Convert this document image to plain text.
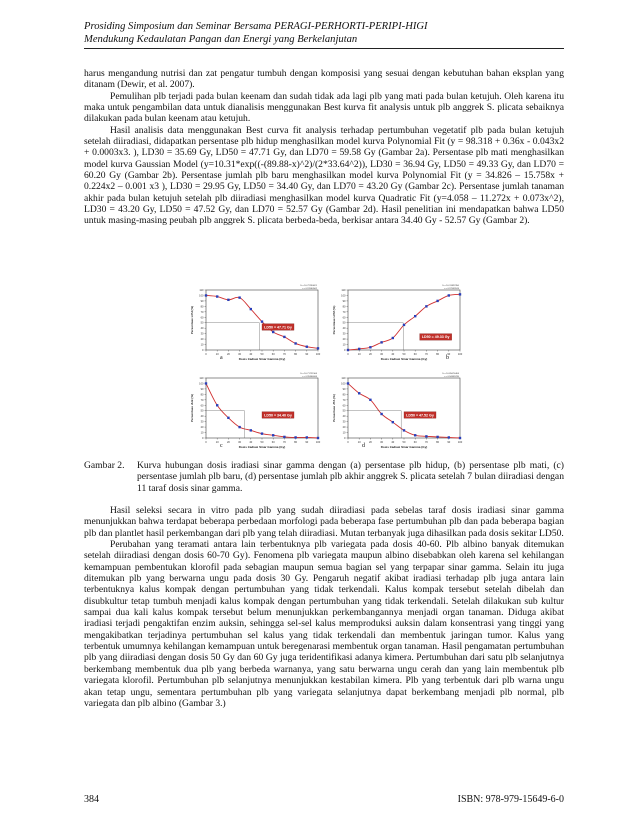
Prosiding Simposium dan Seminar Bersama PERAGI-PERHORTI-PERIPI-HIGI
Mendukung Kedaulatan Pangan dan Energi yang Berkelanjutan

harus mengandung nutrisi dan zat pengatur tumbuh dengan komposisi yang sesuai dengan kebutuhan bahan eksplan yang ditanam (Dewir, et al. 2007).

Pemulihan plb terjadi pada bulan keenam dan sudah tidak ada lagi plb yang mati pada bulan ketujuh. Oleh karena itu maka untuk pengambilan data untuk dianalisis menggunakan Best kurva fit analysis untuk plb anggrek S. plicata sebaiknya dilakukan pada bulan keenam atau ketujuh.

Hasil analisis data menggunakan Best curva fit analysis terhadap pertumbuhan vegetatif plb pada bulan ketujuh setelah diiradiasi, didapatkan persentase plb hidup menghasilkan model kurva Polynomial Fit (y = 98.318 + 0.36x - 0.043x2 + 0.0003x3. ), LD30 = 35.69 Gy, LD50 = 47.71 Gy, dan LD70 = 59.58 Gy (Gambar 2a). Persentase plb mati menghasilkan model kurva Gaussian Model (y=10.31*exp((-(89.88-x)^2)/(2*33.64^2)), LD30 = 36.94 Gy, LD50 = 49.33 Gy, dan LD70 = 60.20 Gy (Gambar 2b). Persentase jumlah plb baru menghasilkan model kurva Polynomial Fit (y = 34.826 – 15.758x + 0.224x2 – 0.001 x3 ), LD30 = 29.95 Gy, LD50 = 34.40 Gy, dan LD70 = 43.20 Gy (Gambar 2c). Persentase jumlah tanaman akhir pada bulan ketujuh setelah plb diiradiasi menghasilkan model kurva Quadratic Fit (y=4.058 – 11.272x + 0.073x^2), LD30 = 43.20 Gy, LD50 = 47.52 Gy, dan LD70 = 52.57 Gy (Gambar 2d). Hasil penelitian ini mendapatkan bahwa LD50 untuk masing-masing peubah plb anggrek S. plicata berbeda-beda, berkisar antara 34.40 Gy - 52.57 Gy (Gambar 2).

0	10	20	30	40	50	60	70	80	90	100
0
10
20
30
40
50
60
70
80
90
100
110
LD50 = 47.71 Gy
S = 10.72230621
r = 0.97060502
Dosis Iradiasi Sinar Gamma (Gy)
Persentase LPH (%)
a
0	10	20	30	40	50	60	70	80	90	100
0
10
20
30
40
50
60
70
80
90
100
110
LD50 = 49.33 Gy
S = 10.31822350
r = 0.97559524
Dosis Iradiasi Sinar Gamma (Gy)
Persentase LPM (%)
b
0	10	20	30	40	50	60	70	80	90	100
0
10
20
30
40
50
60
70
80
90
100
110
LD50 = 34.40 Gy
S = 10.71721564
r = 0.95364664
Dosis Iradiasi Sinar Gamma (Gy)
Persentase JLB (%)
c
0	10	20	30	40	50	60	70	80	90	100
0
10
20
30
40
50
60
70
80
90
100
110
LD50 = 47.52 Gy
S = 10.85074464
r = 0.94455295
Dosis Iradiasi Sinar Gamma (Gy)
Persentase JTA (%)
d
Gambar 2.	Kurva hubungan dosis iradiasi sinar gamma dengan (a) persentase plb hidup, (b) persentase plb mati, (c) persentase jumlah plb baru, (d) persentase jumlah plb akhir anggrek S. plicata setelah 7 bulan diiradiasi dengan 11 taraf dosis sinar gamma.

Hasil seleksi secara in vitro pada plb yang sudah diiradiasi pada sebelas taraf dosis iradiasi sinar gamma menunjukkan bahwa terdapat beberapa perbedaan morfologi pada beberapa fase pertumbuhan plb dan pada beberapa bagian plb dan plantlet hasil perkembangan dari plb yang telah diiradiasi. Mutan terbanyak juga dihasilkan pada dosis sekitar LD50.

Perubahan yang teramati antara lain terbentuknya plb variegata pada dosis 40-60. Plb albino banyak ditemukan setelah diiradiasi dengan dosis 60-70 Gy). Fenomena plb variegata maupun albino disebabkan oleh karena sel kehilangan kemampuan pembentukan klorofil pada sebagian maupun semua bagian sel yang terpapar sinar gamma. Selain itu juga ditemukan plb yang berwarna ungu pada dosis 30 Gy. Pengaruh negatif akibat iradiasi terhadap plb juga antara lain terbentuknya kalus kompak dengan pertumbuhan yang tidak terkendali. Kalus kompak tersebut setelah dibelah dan disubkultur tetap tumbuh menjadi kalus kompak dengan pertumbuhan yang tidak terkendali. Setelah dilakukan sub kultur sampai dua kali kalus kompak tersebut belum menunjukkan perkembangannya menjadi organ tanaman. Diduga akibat iradiasi terjadi pengaktifan enzim auksin, sehingga sel-sel kalus memproduksi auksin dalam konsentrasi yang tinggi yang mengakibatkan terjadinya pertumbuhan sel kalus yang tidak terkendali dan membentuk jaringan tumor. Kalus yang terbentuk umumnya kehilangan kemampuan untuk beregenarasi membentuk organ tanaman. Hasil pengamatan pertumbuhan plb yang diiradiasi dengan dosis 50 Gy dan 60 Gy juga teridentifikasi adanya kimera. Pertumbuhan dari satu plb selanjutnya berkembang membentuk dua plb yang berbeda warnanya, yang satu berwarna ungu cerah dan yang lain membentuk plb variegata klorofil. Pertumbuhan plb selanjutnya menunjukkan kestabilan kimera. Plb yang terbentuk dari plb warna ungu akan tetap ungu, sementara pertumbuhan plb yang variegata selanjutnya dapat berkembang menjadi plb normal, plb variegata dan plb albino (Gambar 3.)

384	ISBN: 978-979-15649-6-0
